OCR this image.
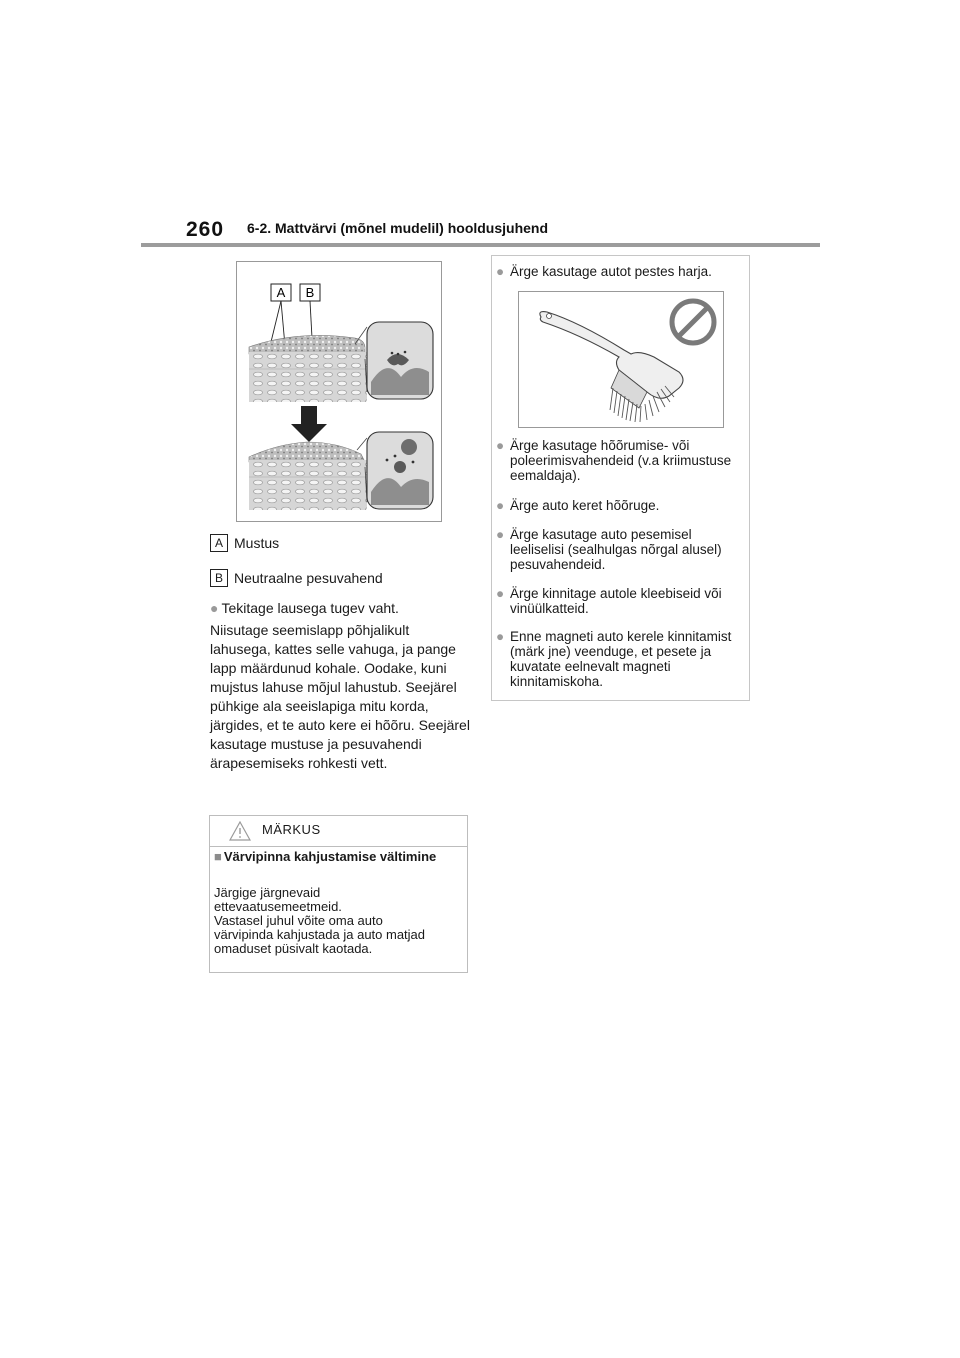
260 6-2. Mattvärvi (mõnel mudelil) hooldusjuhend
A B
A Mustus
B Neutraalne pesuvahend
● Tekitage lausega tugev vaht.
Niisutage seemislapp põhjalikult lahusega, kattes selle vahuga, ja pange lapp määrdunud kohale. Oodake, kuni mujstus lahuse mõjul lahustub. Seejärel pühkige ala seeislapiga mitu korda, järgides, et te auto kere ei hõõru. Seejärel kasutage mustuse ja pesuvahendi ärapesemiseks rohkesti vett.
MÄRKUS
■ Värvipinna kahjustamise vältimine
Järgige järgnevaid
ettevaatusemeetmeid.
Vastasel juhul võite oma auto
värvipinda kahjustada ja auto matjad
omaduset püsivalt kaotada.
● Ärge kasutage autot pestes harja.
● Ärge kasutage hõõrumise- või poleerimisvahendeid (v.a kriimustuse eemaldaja).
● Ärge auto keret hõõruge.
● Ärge kasutage auto pesemisel leeliselisi (sealhulgas nõrgal alusel) pesuvahendeid.
● Ärge kinnitage autole kleebiseid või vinüülkatteid.
● Enne magneti auto kerele kinnitamist (märk jne) veenduge, et pesete ja kuvatate eelnevalt magneti kinnitamiskoha.
